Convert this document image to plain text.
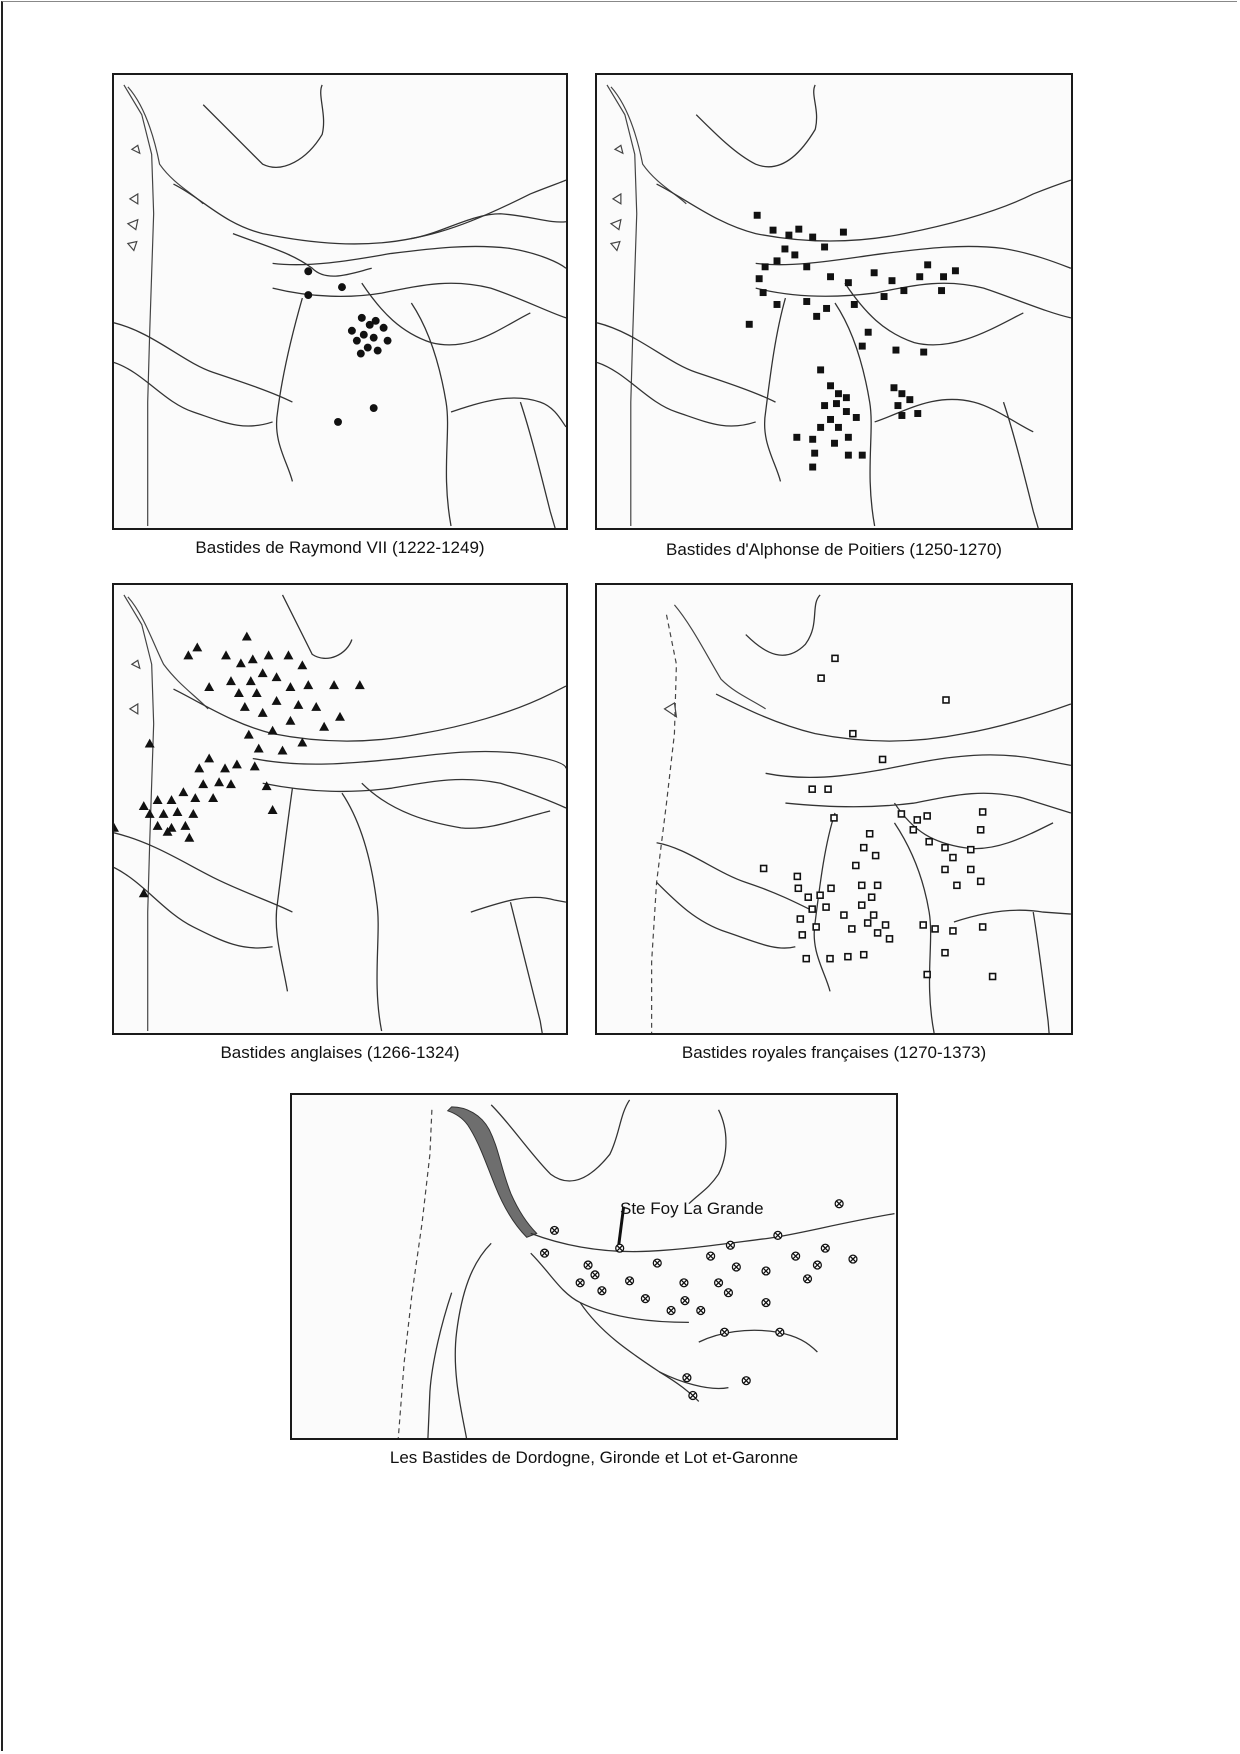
Bastides de Raymond VII (1222-1249)	Bastides d'Alphonse de Poitiers (1250-1270)
Bastides anglaises (1266-1324)	Bastides royales françaises (1270-1373)
Ste Foy La Grande
Les Bastides de Dordogne, Gironde et Lot et-Garonne
